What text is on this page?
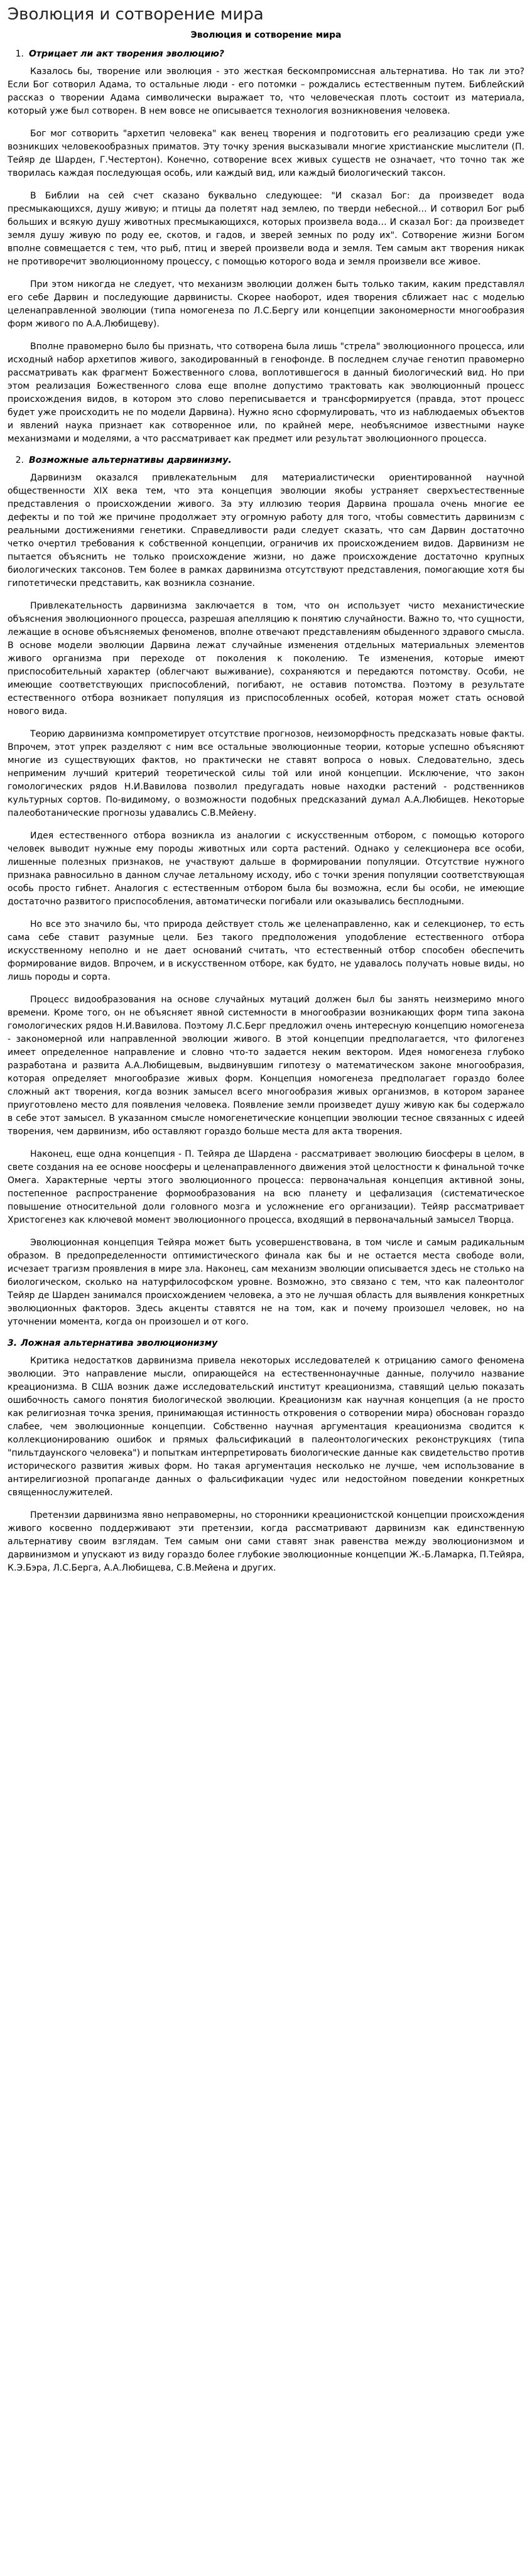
Эволюция и сотворение мира
Эволюция и сотворение мира
1. Отрицает ли акт творения эволюцию?

Казалось бы, творение или эволюция - это жесткая бескомпромиссная альтернатива. Но так ли это? Если Бог сотворил Адама, то остальные люди - его потомки – рождались естественным путем. Библейский рассказ о творении Адама символически выражает то, что человеческая плоть состоит из материала, который уже был сотворен. В нем вовсе не описывается технология возникновения человека.

Бог мог сотворить "архетип человека" как венец творения и подготовить его реализацию среди уже возникших человекообразных приматов. Эту точку зрения высказывали многие христианские мыслители (П. Тейяр де Шарден, Г.Честертон). Конечно, сотворение всех живых существ не означает, что точно так же творилась каждая последующая особь, или каждый вид, или каждый биологический таксон.

В Библии на сей счет сказано буквально следующее: "И сказал Бог: да произведет вода пресмыкающихся, душу живую; и птицы да полетят над землею, по тверди небесной… И сотворил Бог рыб больших и всякую душу животных пресмыкающихся, которых произвела вода… И сказал Бог: да произведет земля душу живую по роду ее, скотов, и гадов, и зверей земных по роду их". Сотворение жизни Богом вполне совмещается с тем, что рыб, птиц и зверей произвели вода и земля. Тем самым акт творения никак не противоречит эволюционному процессу, с помощью которого вода и земля произвели все живое.

При этом никогда не следует, что механизм эволюции должен быть только таким, каким представлял его себе Дарвин и последующие дарвинисты. Скорее наоборот, идея творения сближает нас с моделью целенаправленной эволюции (типа номогенеза по Л.С.Бергу или концепции закономерности многообразия форм живого по А.А.Любищеву).

Вполне правомерно было бы признать, что сотворена была лишь "стрела" эволюционного процесса, или исходный набор архетипов живого, закодированный в генофонде. В последнем случае генотип правомерно рассматривать как фрагмент Божественного слова, воплотившегося в данный биологический вид. Но при этом реализация Божественного слова еще вполне допустимо трактовать как эволюционный процесс происхождения видов, в котором это слово переписывается и трансформируется (правда, этот процесс будет уже происходить не по модели Дарвина). Нужно ясно сформулировать, что из наблюдаемых объектов и явлений наука признает как сотворенное или, по крайней мере, необъяснимое известными науке механизмами и моделями, а что рассматривает как предмет или результат эволюционного процесса.

2. Возможные альтернативы дарвинизму.

Дарвинизм оказался привлекательным для материалистически ориентированной научной общественности XIX века тем, что эта концепция эволюции якобы устраняет сверхъестественные представления о происхождении живого. За эту иллюзию теория Дарвина прошала очень многие ее дефекты и по той же причине продолжает эту огромную работу для того, чтобы совместить дарвинизм с реальными достижениями генетики. Справедливости ради следует сказать, что сам Дарвин достаточно четко очертил требования к собственной концепции, ограничив их происхождением видов. Дарвинизм не пытается объяснить не только происхождение жизни, но даже происхождение достаточно крупных биологических таксонов. Тем более в рамках дарвинизма отсутствуют представления, помогающие хотя бы гипотетически представить, как возникла сознание.

Привлекательность дарвинизма заключается в том, что он использует чисто механистические объяснения эволюционного процесса, разрешая апелляцию к понятию случайности. Важно то, что сущности, лежащие в основе объясняемых феноменов, вполне отвечают представлениям обыденного здравого смысла. В основе модели эволюции Дарвина лежат случайные изменения отдельных материальных элементов живого организма при переходе от поколения к поколению. Те изменения, которые имеют приспособительный характер (облегчают выживание), сохраняются и передаются потомству. Особи, не имеющие соответствующих приспособлений, погибают, не оставив потомства. Поэтому в результате естественного отбора возникает популяция из приспособленных особей, которая может стать основой нового вида.

Теорию дарвинизма компрометирует отсутствие прогнозов, неизоморфность предсказать новые факты. Впрочем, этот упрек разделяют с ним все остальные эволюционные теории, которые успешно объясняют многие из существующих фактов, но практически не ставят вопроса о новых. Следовательно, здесь неприменим лучший критерий теоретической силы той или иной концепции. Исключение, что закон гомологических рядов Н.И.Вавилова позволил предугадать новые находки растений - родственников культурных сортов. По-видимому, о возможности подобных предсказаний думал А.А.Любищев. Некоторые палеоботанические прогнозы удавались С.В.Мейену.

Идея естественного отбора возникла из аналогии с искусственным отбором, с помощью которого человек выводит нужные ему породы животных или сорта растений. Однако у селекционера все особи, лишенные полезных признаков, не участвуют дальше в формировании популяции. Отсутствие нужного признака равносильно в данном случае летальному исходу, ибо с точки зрения популяции соответствующая особь просто гибнет. Аналогия с естественным отбором была бы возможна, если бы особи, не имеющие достаточно развитого приспособления, автоматически погибали или оказывались бесплодными.

Но все это значило бы, что природа действует столь же целенаправленно, как и селекционер, то есть сама себе ставит разумные цели. Без такого предположения уподобление естественного отбора искусственному неполно и не дает оснований считать, что естественный отбор способен обеспечить формирование видов. Впрочем, и в искусственном отборе, как будто, не удавалось получать новые виды, но лишь породы и сорта.

Процесс видообразования на основе случайных мутаций должен был бы занять неизмеримо много времени. Кроме того, он не объясняет явной системности в многообразии возникающих форм типа закона гомологических рядов Н.И.Вавилова. Поэтому Л.С.Берг предложил очень интересную концепцию номогенеза - закономерной или направленной эволюции живого. В этой концепции предполагается, что филогенез имеет определенное направление и словно что-то задается неким вектором. Идея номогенеза глубоко разработана и развита А.А.Любищевым, выдвинувшим гипотезу о математическом законе многообразия, которая определяет многообразие живых форм. Концепция номогенеза предполагает гораздо более сложный акт творения, когда возник замысел всего многообразия живых организмов, в котором заранее приуготовлено место для появления человека. Появление земли произведет душу живую как бы содержало в себе этот замысел. В указанном смысле номогенетические концепции эволюции тесное связанных с идеей творения, чем дарвинизм, ибо оставляют гораздо больше места для акта творения.

Наконец, еще одна концепция - П. Тейяра де Шардена - рассматривает эволюцию биосферы в целом, в свете создания на ее основе ноосферы и целенаправленного движения этой целостности к финальной точке Омега. Характерные черты этого эволюционного процесса: первоначальная концепция активной зоны, постепенное распространение формообразования на всю планету и цефализация (систематическое повышение относительной доли головного мозга и усложнение его организации). Тейяр рассматривает Христогенез как ключевой момент эволюционного процесса, входящий в первоначальный замысел Творца.

Эволюционная концепция Тейяра может быть усовершенствована, в том числе и самым радикальным образом. В предопределенности оптимистического финала как бы и не остается места свободе воли, исчезает трагизм проявления в мире зла. Наконец, сам механизм эволюции описывается здесь не столько на биологическом, сколько на натурфилософском уровне. Возможно, это связано с тем, что как палеонтолог Тейяр де Шарден занимался происхождением человека, а это не лучшая область для выявления конкретных эволюционных факторов. Здесь акценты ставятся не на том, как и почему произошел человек, но на уточнении момента, когда он произошел и от кого.

3. Ложная альтернатива эволюционизму

Критика недостатков дарвинизма привела некоторых исследователей к отрицанию самого феномена эволюции. Это направление мысли, опирающейся на естественнонаучные данные, получило название креационизма. В США возник даже исследовательский институт креационизма, ставящий целью показать ошибочность самого понятия биологической эволюции. Креационизм как научная концепция (а не просто как религиозная точка зрения, принимающая истинность откровения о сотворении мира) обоснован гораздо слабее, чем эволюционные концепции. Собственно научная аргументация креационизма сводится к коллекционированию ошибок и прямых фальсификаций в палеонтологических реконструкциях (типа "пильтдаунского человека") и попыткам интерпретировать биологические данные как свидетельство против исторического развития живых форм. Но такая аргументация несколько не лучше, чем использование в антирелигиозной пропаганде данных о фальсификации чудес или недостойном поведении конкретных священнослужителей.

Претензии дарвинизма явно неправомерны, но сторонники креационистской концепции происхождения живого косвенно поддерживают эти претензии, когда рассматривают дарвинизм как единственную альтернативу своим взглядам. Тем самым они сами ставят знак равенства между эволюционизмом и дарвинизмом и упускают из виду гораздо более глубокие эволюционные концепции Ж.-Б.Ламарка, П.Тейяра, К.Э.Бэра, Л.С.Берга, А.А.Любищева, С.В.Мейена и других.
